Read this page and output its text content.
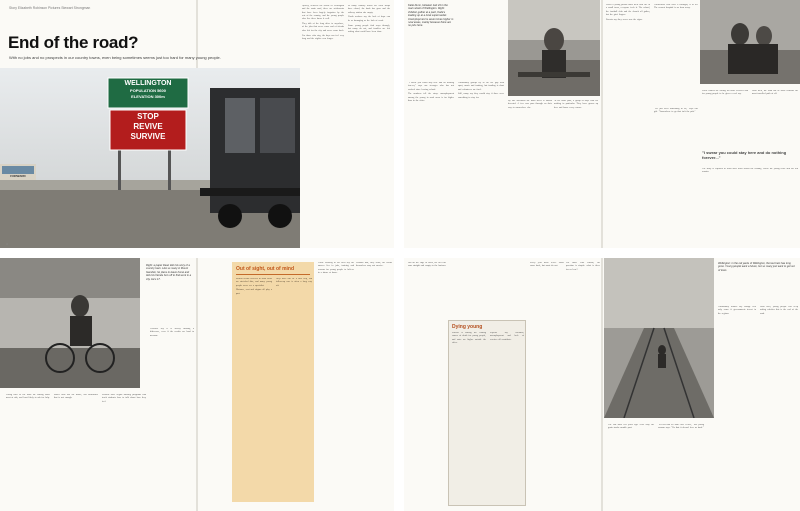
Story Elizabeth Robinson Pictures Stewart Strongman
End of the road?
With no jobs and no prospects in our country towns, even being sometimes seems just too hard for many young people.
WELLINGTON
POPULATION 5600
ELEVATION 300m
STOP
REVIVE
SURVIVE
FORWARD

Quietly, between the towns of Wellington and the main road, there are settlements that have been largely forgotten by the rest of the country, and the young people who live there know it well.

They talk of the long drive to anywhere, of the jobs that never come and of friends who left for the city and never came back.

For those who stay, the days can feel very long and the nights even longer.

In many country towns the local shops have closed, the bank has gone and the railway station sits empty.

Youth workers say the lack of hope can be as damaging as the lack of work.

Some young people find ways through, but many do not, and families are left asking what could have been done.

4

"I swear you could stay here and do nothing forever," says one teenager who has not worked since leaving school.

The numbers tell the story: unemployment among the young in rural areas is far higher than in the cities.

Community groups try to fill the gap with sport, music and training, but funding is short and volunteers are tired.

Still, many say they would stay if there were something to stay for.

Katie Dunn, between 1ed 24 in the main street of Wellington. Right: children gather at a park, Katie's loading up at a local supermarket. Unemployment is seven times higher in rural areas, mainly because there are no jobs here.

By late afternoon the main street is almost deserted. A few cars pass through on their way to somewhere else.

At the skate park, a group of boys wait for nothing in particular. They have grown up here and know every corner.

When a young person takes their own life in a small town, everyone feels it. The school, the football club and the church all gather, but the grief lingers.

Parents say they never saw the signs.

Counsellors visit once a fortnight, if at all. The nearest hospital is an hour away.

"I swear you could stay here and do nothing forever..."

Local leaders are calling for more services and for young people to be given a real say.

Until then, the road out of town remains the most travelled path of all.

"We just need something to do," says one girl. "Somewhere to go that isn't the pub."

The story is repeated in town after town across the country, where the young leave and the old remain.

Right: a paper Dean tells his story of a country town. Like so many in Mount Gambier, he plans to leave home and tells his friends he's off to find work in a city. He's 17.

Young men in the bush are among those most at risk, and least likely to ask for help.

Mates look out for mates, but sometimes that is not enough.

Schools have begun running programs that teach students how to talk about how they feel.

Teachers say it is slowly making a difference, even if the results are hard to measure.

Out of sight, out of mind

Mental health services in rural areas are stretched thin, and many young people never see a specialist.

Distance, cost and stigma all play a part.

Help lines can be a first step, but follow-up care is often a long way off.

Those working in the field say the answer lies in jobs, training and reasons for young people to believe in a future at home.

Without that, they warn, the towns themselves may not survive.

Dying young

Suicide is among the leading causes of death for young people, and rates are higher outside the cities.

Experts say isolation, unemployment and lack of services all contribute.

Out on the edge of town, the rail line runs straight and empty to the horizon.

Every year more leave. Some come back, but most do not.

For those who remain, the question is simple: what is there for us here?

Wellington: in the rail yards of Wellington, the last train has long gone. Young people want a future, but so many just want to get out of town.

The last train left years ago. Now only the grain trucks rumble past.

"It's not that we don't love it here," one young woman says. "It's that it doesn't love us back."

Community leaders say change will only come if governments invest in the regions.

Until then, young people will keep asking whether this is the end of the road.
